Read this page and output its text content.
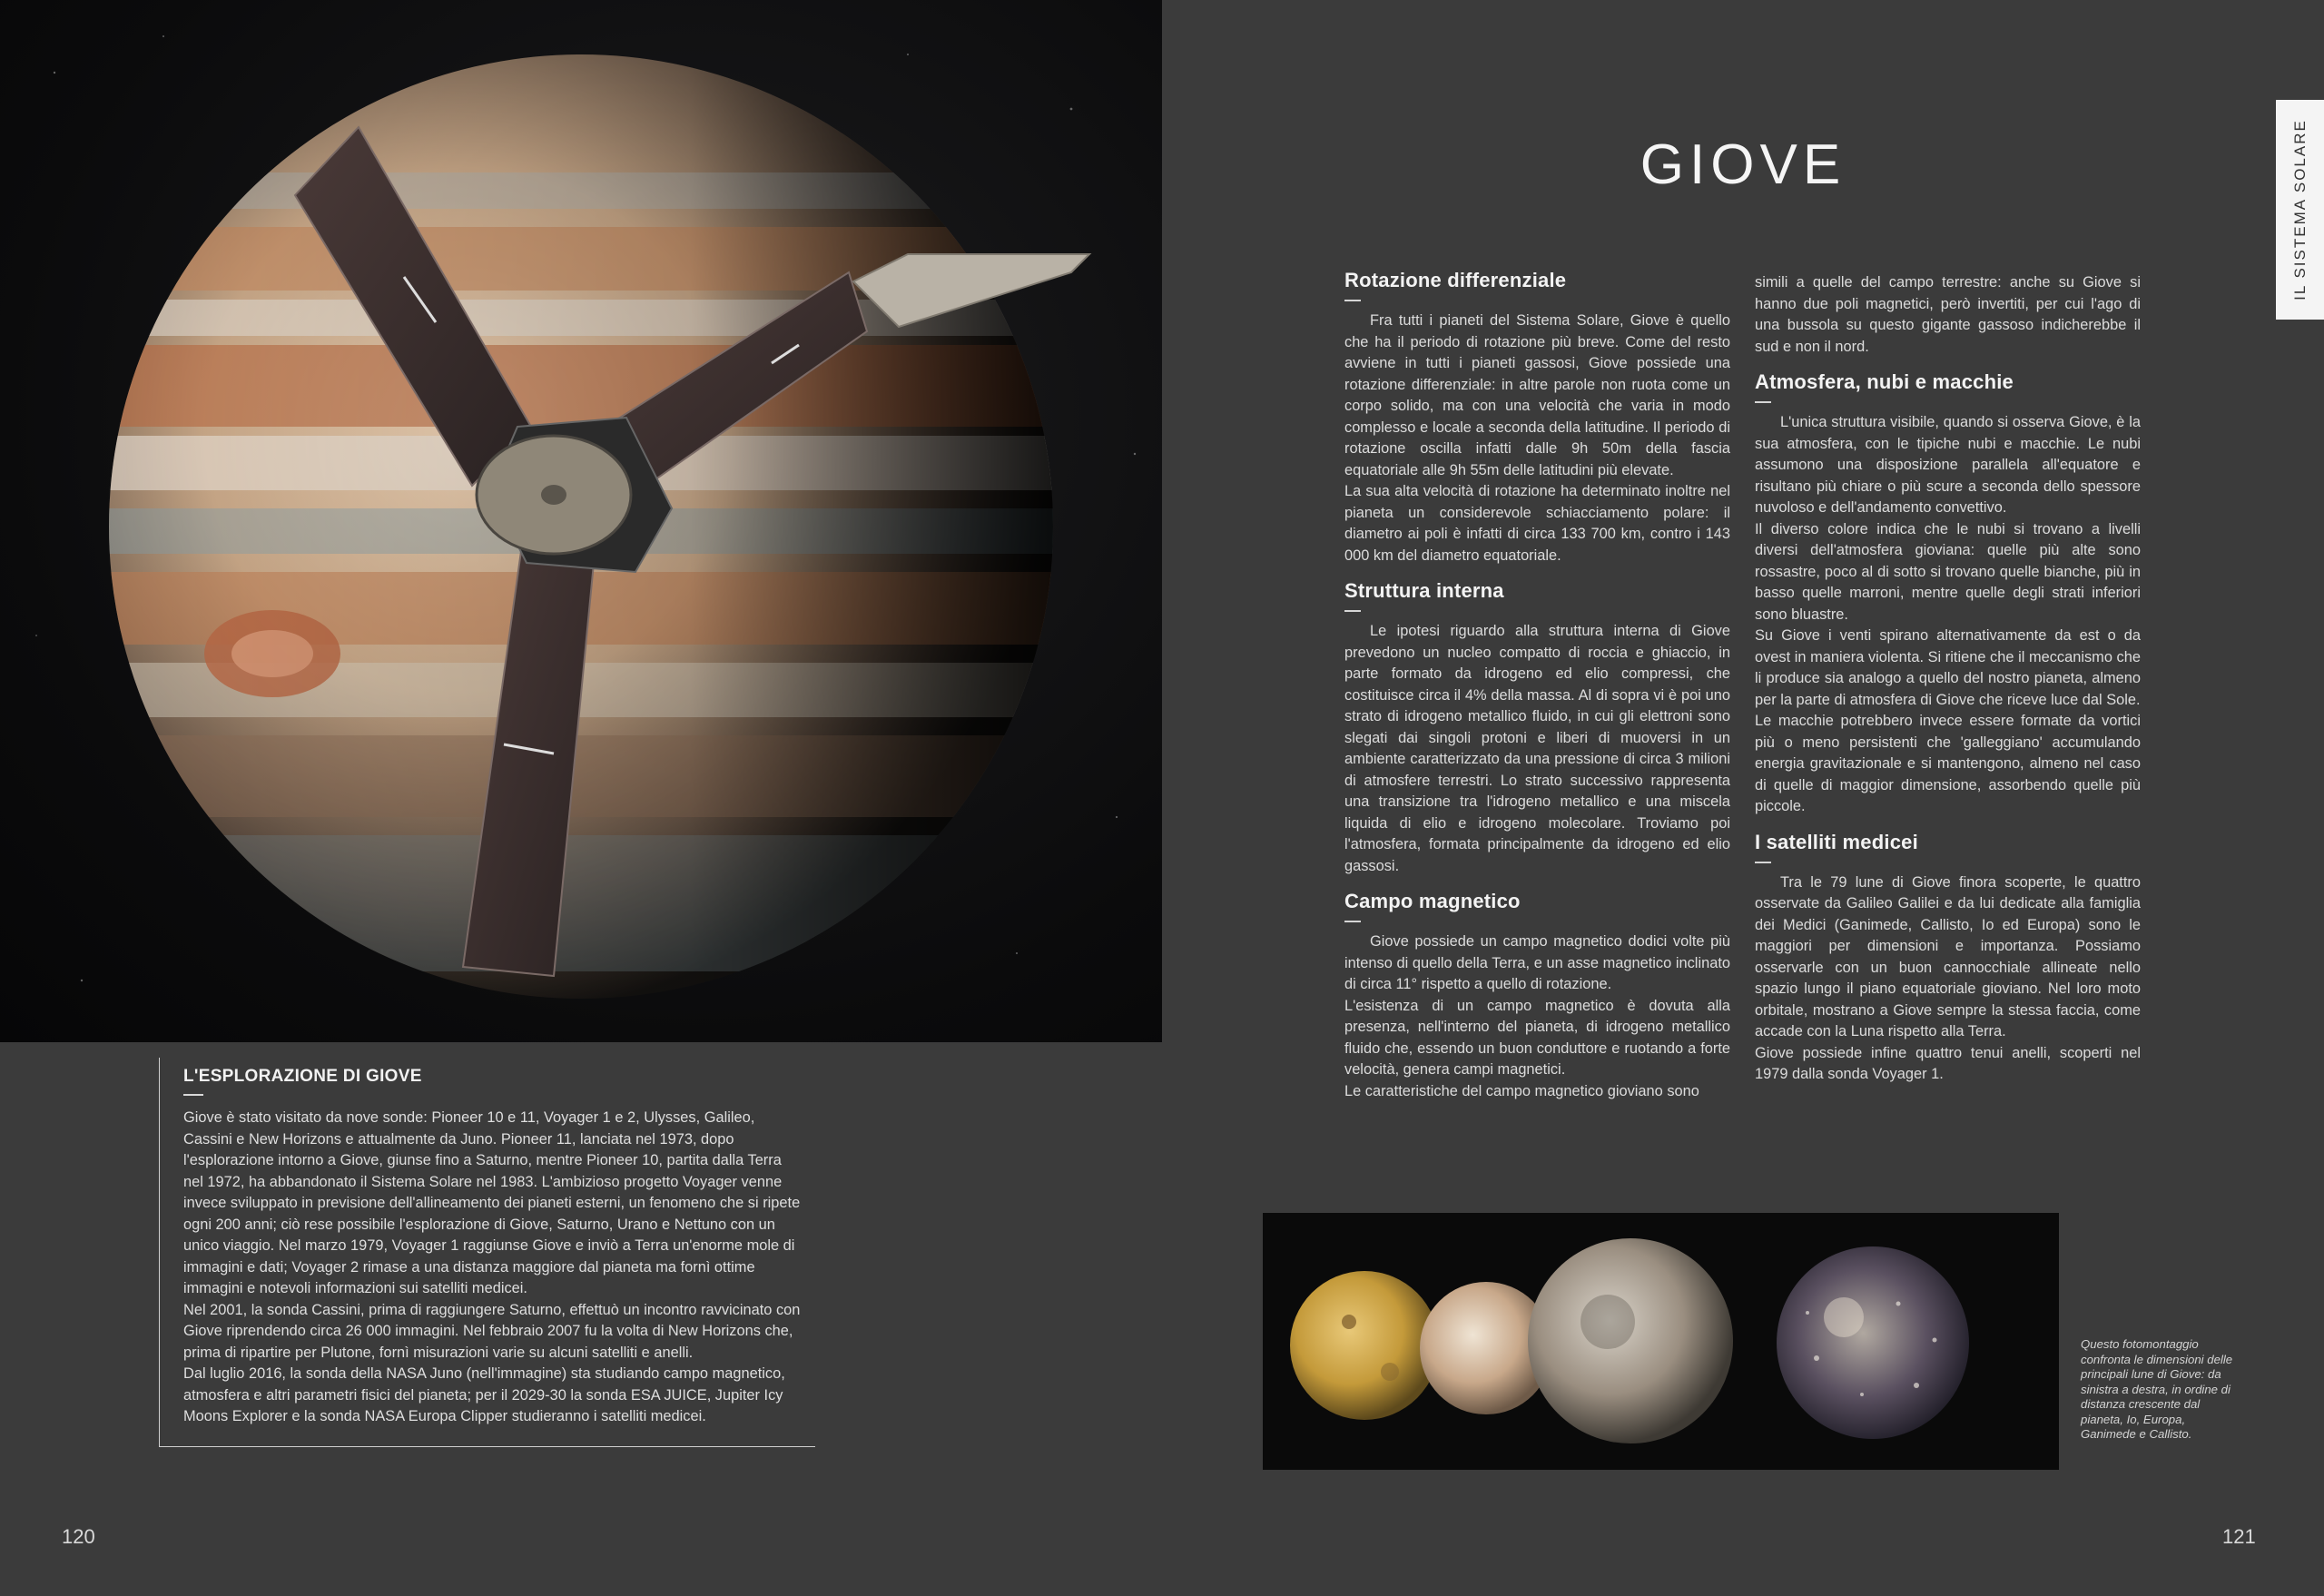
L'ESPLORAZIONE DI GIOVE

Giove è stato visitato da nove sonde: Pioneer 10 e 11, Voyager 1 e 2, Ulysses, Galileo, Cassini e New Horizons e attualmente da Juno. Pioneer 11, lanciata nel 1973, dopo l'esplorazione intorno a Giove, giunse fino a Saturno, mentre Pioneer 10, partita dalla Terra nel 1972, ha abbandonato il Sistema Solare nel 1983. L'ambizioso progetto Voyager venne invece sviluppato in previsione dell'allineamento dei pianeti esterni, un fenomeno che si ripete ogni 200 anni; ciò rese possibile l'esplorazione di Giove, Saturno, Urano e Nettuno con un unico viaggio. Nel marzo 1979, Voyager 1 raggiunse Giove e inviò a Terra un'enorme mole di immagini e dati; Voyager 2 rimase a una distanza maggiore dal pianeta ma fornì ottime immagini e notevoli informazioni sui satelliti medicei.

Nel 2001, la sonda Cassini, prima di raggiungere Saturno, effettuò un incontro ravvicinato con Giove riprendendo circa 26 000 immagini. Nel febbraio 2007 fu la volta di New Horizons che, prima di ripartire per Plutone, fornì misurazioni varie su alcuni satelliti e anelli.

Dal luglio 2016, la sonda della NASA Juno (nell'immagine) sta studiando campo magnetico, atmosfera e altri parametri fisici del pianeta; per il 2029-30 la sonda ESA JUICE, Jupiter Icy Moons Explorer e la sonda NASA Europa Clipper studieranno i satelliti medicei.

120
IL SISTEMA SOLARE
GIOVE
Rotazione differenziale

Fra tutti i pianeti del Sistema Solare, Giove è quello che ha il periodo di rotazione più breve. Come del resto avviene in tutti i pianeti gassosi, Giove possiede una rotazione differenziale: in altre parole non ruota come un corpo solido, ma con una velocità che varia in modo complesso e locale a seconda della latitudine. Il periodo di rotazione oscilla infatti dalle 9h 50m della fascia equatoriale alle 9h 55m delle latitudini più elevate.

La sua alta velocità di rotazione ha determinato inoltre nel pianeta un considerevole schiacciamento polare: il diametro ai poli è infatti di circa 133 700 km, contro i 143 000 km del diametro equatoriale.

Struttura interna

Le ipotesi riguardo alla struttura interna di Giove prevedono un nucleo compatto di roccia e ghiaccio, in parte formato da idrogeno ed elio compressi, che costituisce circa il 4% della massa. Al di sopra vi è poi uno strato di idrogeno metallico fluido, in cui gli elettroni sono slegati dai singoli protoni e liberi di muoversi in un ambiente caratterizzato da una pressione di circa 3 milioni di atmosfere terrestri. Lo strato successivo rappresenta una transizione tra l'idrogeno metallico e una miscela liquida di elio e idrogeno molecolare. Troviamo poi l'atmosfera, formata principalmente da idrogeno ed elio gassosi.

Campo magnetico

Giove possiede un campo magnetico dodici volte più intenso di quello della Terra, e un asse magnetico inclinato di circa 11° rispetto a quello di rotazione.

L'esistenza di un campo magnetico è dovuta alla presenza, nell'interno del pianeta, di idrogeno metallico fluido che, essendo un buon conduttore e ruotando a forte velocità, genera campi magnetici.

Le caratteristiche del campo magnetico gioviano sono

simili a quelle del campo terrestre: anche su Giove si hanno due poli magnetici, però invertiti, per cui l'ago di una bussola su questo gigante gassoso indicherebbe il sud e non il nord.

Atmosfera, nubi e macchie

L'unica struttura visibile, quando si osserva Giove, è la sua atmosfera, con le tipiche nubi e macchie. Le nubi assumono una disposizione parallela all'equatore e risultano più chiare o più scure a seconda dello spessore nuvoloso e dell'andamento convettivo.

Il diverso colore indica che le nubi si trovano a livelli diversi dell'atmosfera gioviana: quelle più alte sono rossastre, poco al di sotto si trovano quelle bianche, più in basso quelle marroni, mentre quelle degli strati inferiori sono bluastre.

Su Giove i venti spirano alternativamente da est o da ovest in maniera violenta. Si ritiene che il meccanismo che li produce sia analogo a quello del nostro pianeta, almeno per la parte di atmosfera di Giove che riceve luce dal Sole.

Le macchie potrebbero invece essere formate da vortici più o meno persistenti che 'galleggiano' accumulando energia gravitazionale e si mantengono, almeno nel caso di quelle di maggior dimensione, assorbendo quelle più piccole.

I satelliti medicei

Tra le 79 lune di Giove finora scoperte, le quattro osservate da Galileo Galilei e da lui dedicate alla famiglia dei Medici (Ganimede, Callisto, Io ed Europa) sono le maggiori per dimensioni e importanza. Possiamo osservarle con un buon cannocchiale allineate nello spazio lungo il piano equatoriale gioviano. Nel loro moto orbitale, mostrano a Giove sempre la stessa faccia, come accade con la Luna rispetto alla Terra.

Giove possiede infine quattro tenui anelli, scoperti nel 1979 dalla sonda Voyager 1.

Questo fotomontaggio confronta le dimensioni delle principali lune di Giove: da sinistra a destra, in ordine di distanza crescente dal pianeta, Io, Europa, Ganimede e Callisto.

121
